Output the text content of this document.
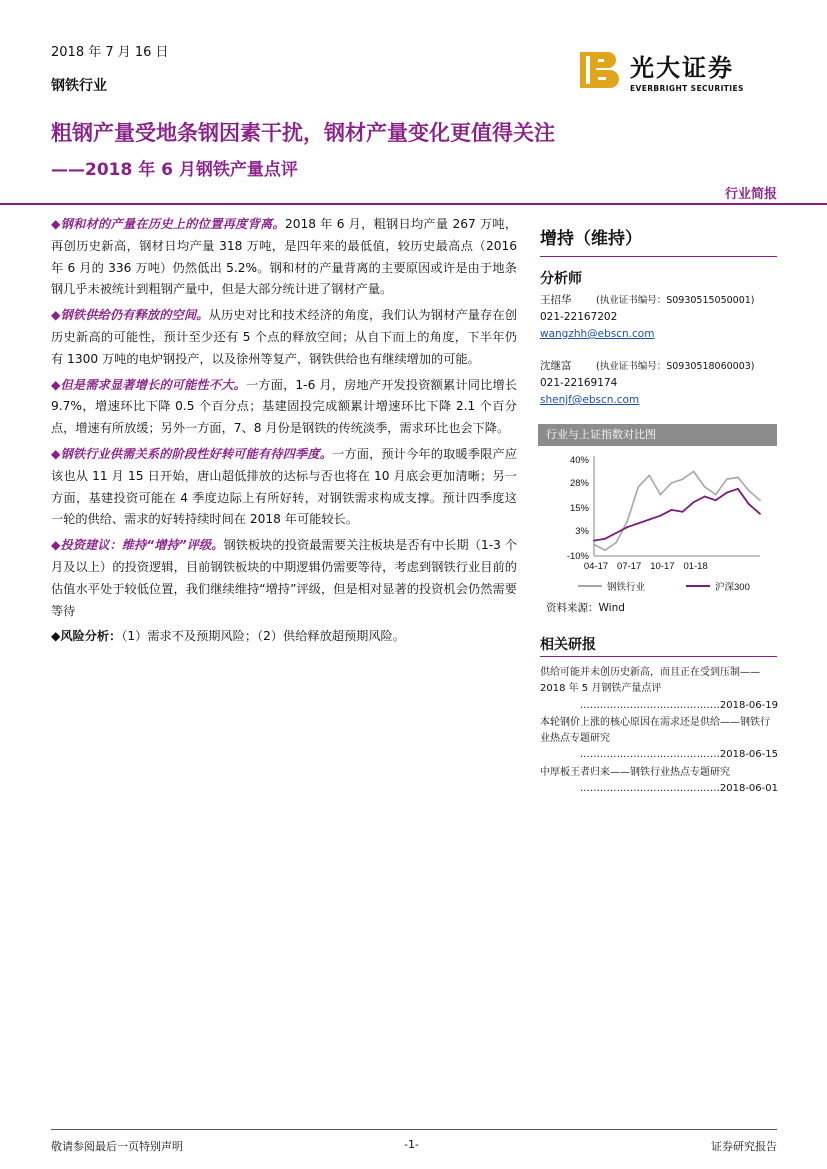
2018 年 7 月 16 日
钢铁行业
光大证券
EVERBRIGHT SECURITIES
粗钢产量受地条钢因素干扰，钢材产量变化更值得关注
——2018 年 6 月钢铁产量点评
行业简报

◆钢和材的产量在历史上的位置再度背离。2018 年 6 月，粗钢日均产量 267 万吨，再创历史新高，钢材日均产量 318 万吨，是四年来的最低值，较历史最高点（2016 年 6 月的 336 万吨）仍然低出 5.2%。钢和材的产量背离的主要原因或许是由于地条钢几乎未被统计到粗钢产量中，但是大部分统计进了钢材产量。

◆钢铁供给仍有释放的空间。从历史对比和技术经济的角度，我们认为钢材产量存在创历史新高的可能性，预计至少还有 5 个点的释放空间；从自下而上的角度，下半年仍有 1300 万吨的电炉钢投产，以及徐州等复产，钢铁供给也有继续增加的可能。

◆但是需求显著增长的可能性不大。一方面，1-6 月，房地产开发投资额累计同比增长 9.7%，增速环比下降 0.5 个百分点；基建固投完成额累计增速环比下降 2.1 个百分点，增速有所放缓；另外一方面，7、8 月份是钢铁的传统淡季，需求环比也会下降。

◆钢铁行业供需关系的阶段性好转可能有待四季度。一方面，预计今年的取暖季限产应该也从 11 月 15 日开始，唐山超低排放的达标与否也将在 10 月底会更加清晰；另一方面，基建投资可能在 4 季度边际上有所好转，对钢铁需求构成支撑。预计四季度这一轮的供给、需求的好转持续时间在 2018 年可能较长。

◆投资建议：维持“增持”评级。钢铁板块的投资最需要关注板块是否有中长期（1-3 个月及以上）的投资逻辑，目前钢铁板块的中期逻辑仍需要等待，考虑到钢铁行业目前的估值水平处于较低位置，我们继续维持“增持”评级，但是相对显著的投资机会仍然需要等待

◆风险分析：（1）需求不及预期风险；（2）供给释放超预期风险。

增持（维持）
分析师
王招华	(执业证书编号：S0930515050001)
021-22167202
wangzhh@ebscn.com
沈继富	(执业证书编号：S0930518060003)
021-22169174
shenjf@ebscn.com
行业与上证指数对比图
40%
28%
15%
3%
-10%
04-17 07-17 10-17 01-18
钢铁行业	沪深300
资料来源：Wind
相关研报
供给可能并未创历史新高，而且正在受到压制——2018 年 5 月钢铁产量点评
……………………………………2018-06-19
本轮钢价上涨的核心原因在需求还是供给——钢铁行业热点专题研究
……………………………………2018-06-15
中厚板王者归来——钢铁行业热点专题研究
……………………………………2018-06-01
敬请参阅最后一页特别声明	-1-	证券研究报告
